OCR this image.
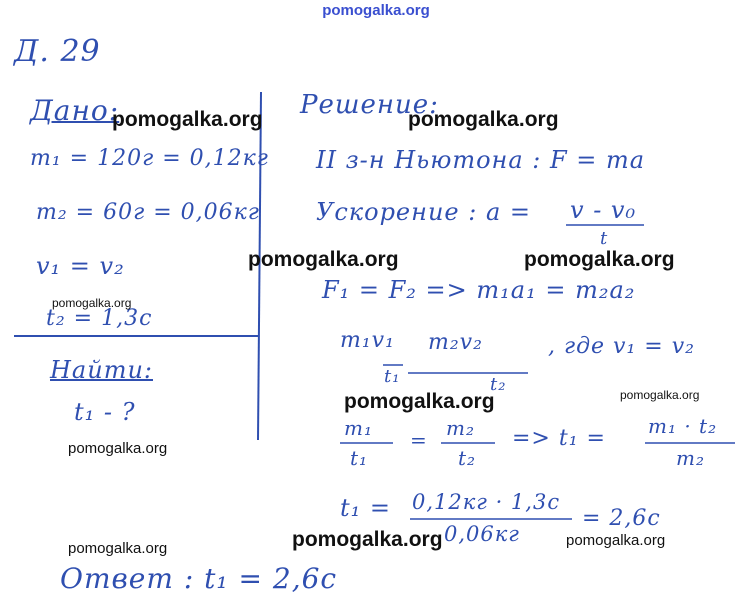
pomogalka.org
Д. 29
Дано:
m₁ = 120г = 0,12кг
m₂ = 60г = 0,06кг
v₁ = v₂
t₂ = 1,3с
Найти:
t₁ - ?
Решение:
II з-н Ньютона : F = ma
Ускорение : a = v - v₀
t
F₁ = F₂ => m₁a₁ = m₂a₂
m₁v₁
t₁
m₂v₂
t₂
, где v₁ = v₂
m₁
t₁
= m₂
t₂
=> t₁ = m₁ · t₂
m₂
t₁ = 0,12кг · 1,3с
0,06кг
= 2,6с
Ответ : t₁ = 2,6с
pomogalka.org	pomogalka.org
pomogalka.org	pomogalka.org
pomogalka.org
pomogalka.org
pomogalka.org
pomogalka.org
pomogalka.org
pomogalka.org	pomogalka.org
